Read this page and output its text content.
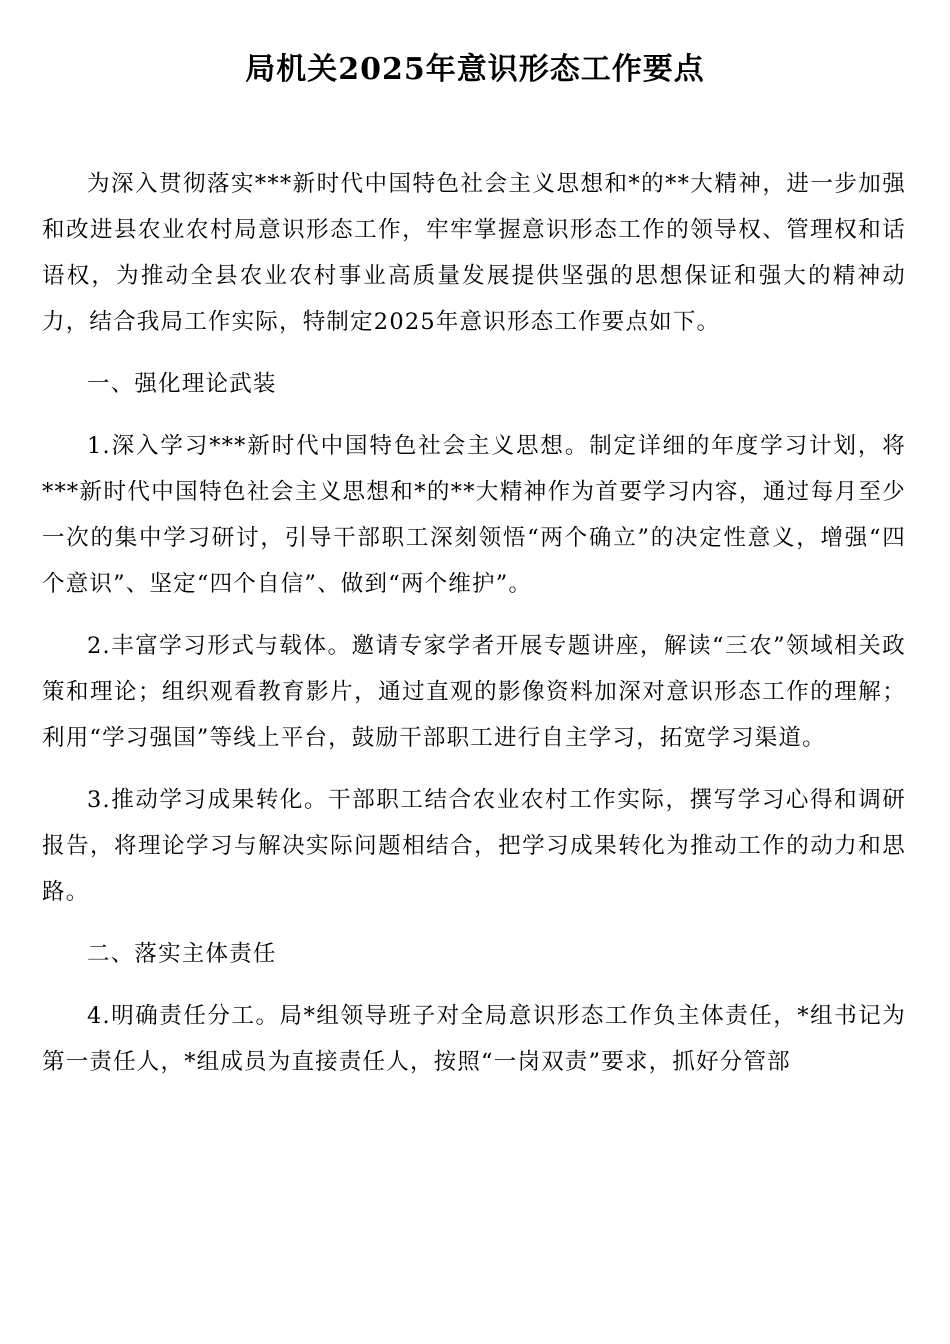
局机关2025年意识形态工作要点

为深入贯彻落实***新时代中国特色社会主义思想和*的**大精神，进一步加强和改进县农业农村局意识形态工作，牢牢掌握意识形态工作的领导权、管理权和话语权，为推动全县农业农村事业高质量发展提供坚强的思想保证和强大的精神动力，结合我局工作实际，特制定2025年意识形态工作要点如下。

一、强化理论武装

1.深入学习***新时代中国特色社会主义思想。制定详细的年度学习计划，将***新时代中国特色社会主义思想和*的**大精神作为首要学习内容，通过每月至少一次的集中学习研讨，引导干部职工深刻领悟“两个确立”的决定性意义，增强“四个意识”、坚定“四个自信”、做到“两个维护”。

2.丰富学习形式与载体。邀请专家学者开展专题讲座，解读“三农”领域相关政策和理论；组织观看教育影片，通过直观的影像资料加深对意识形态工作的理解；利用“学习强国”等线上平台，鼓励干部职工进行自主学习，拓宽学习渠道。

3.推动学习成果转化。干部职工结合农业农村工作实际，撰写学习心得和调研报告，将理论学习与解决实际问题相结合，把学习成果转化为推动工作的动力和思路。

二、落实主体责任

4.明确责任分工。局*组领导班子对全局意识形态工作负主体责任，*组书记为第一责任人，*组成员为直接责任人，按照“一岗双责”要求，抓好分管部
